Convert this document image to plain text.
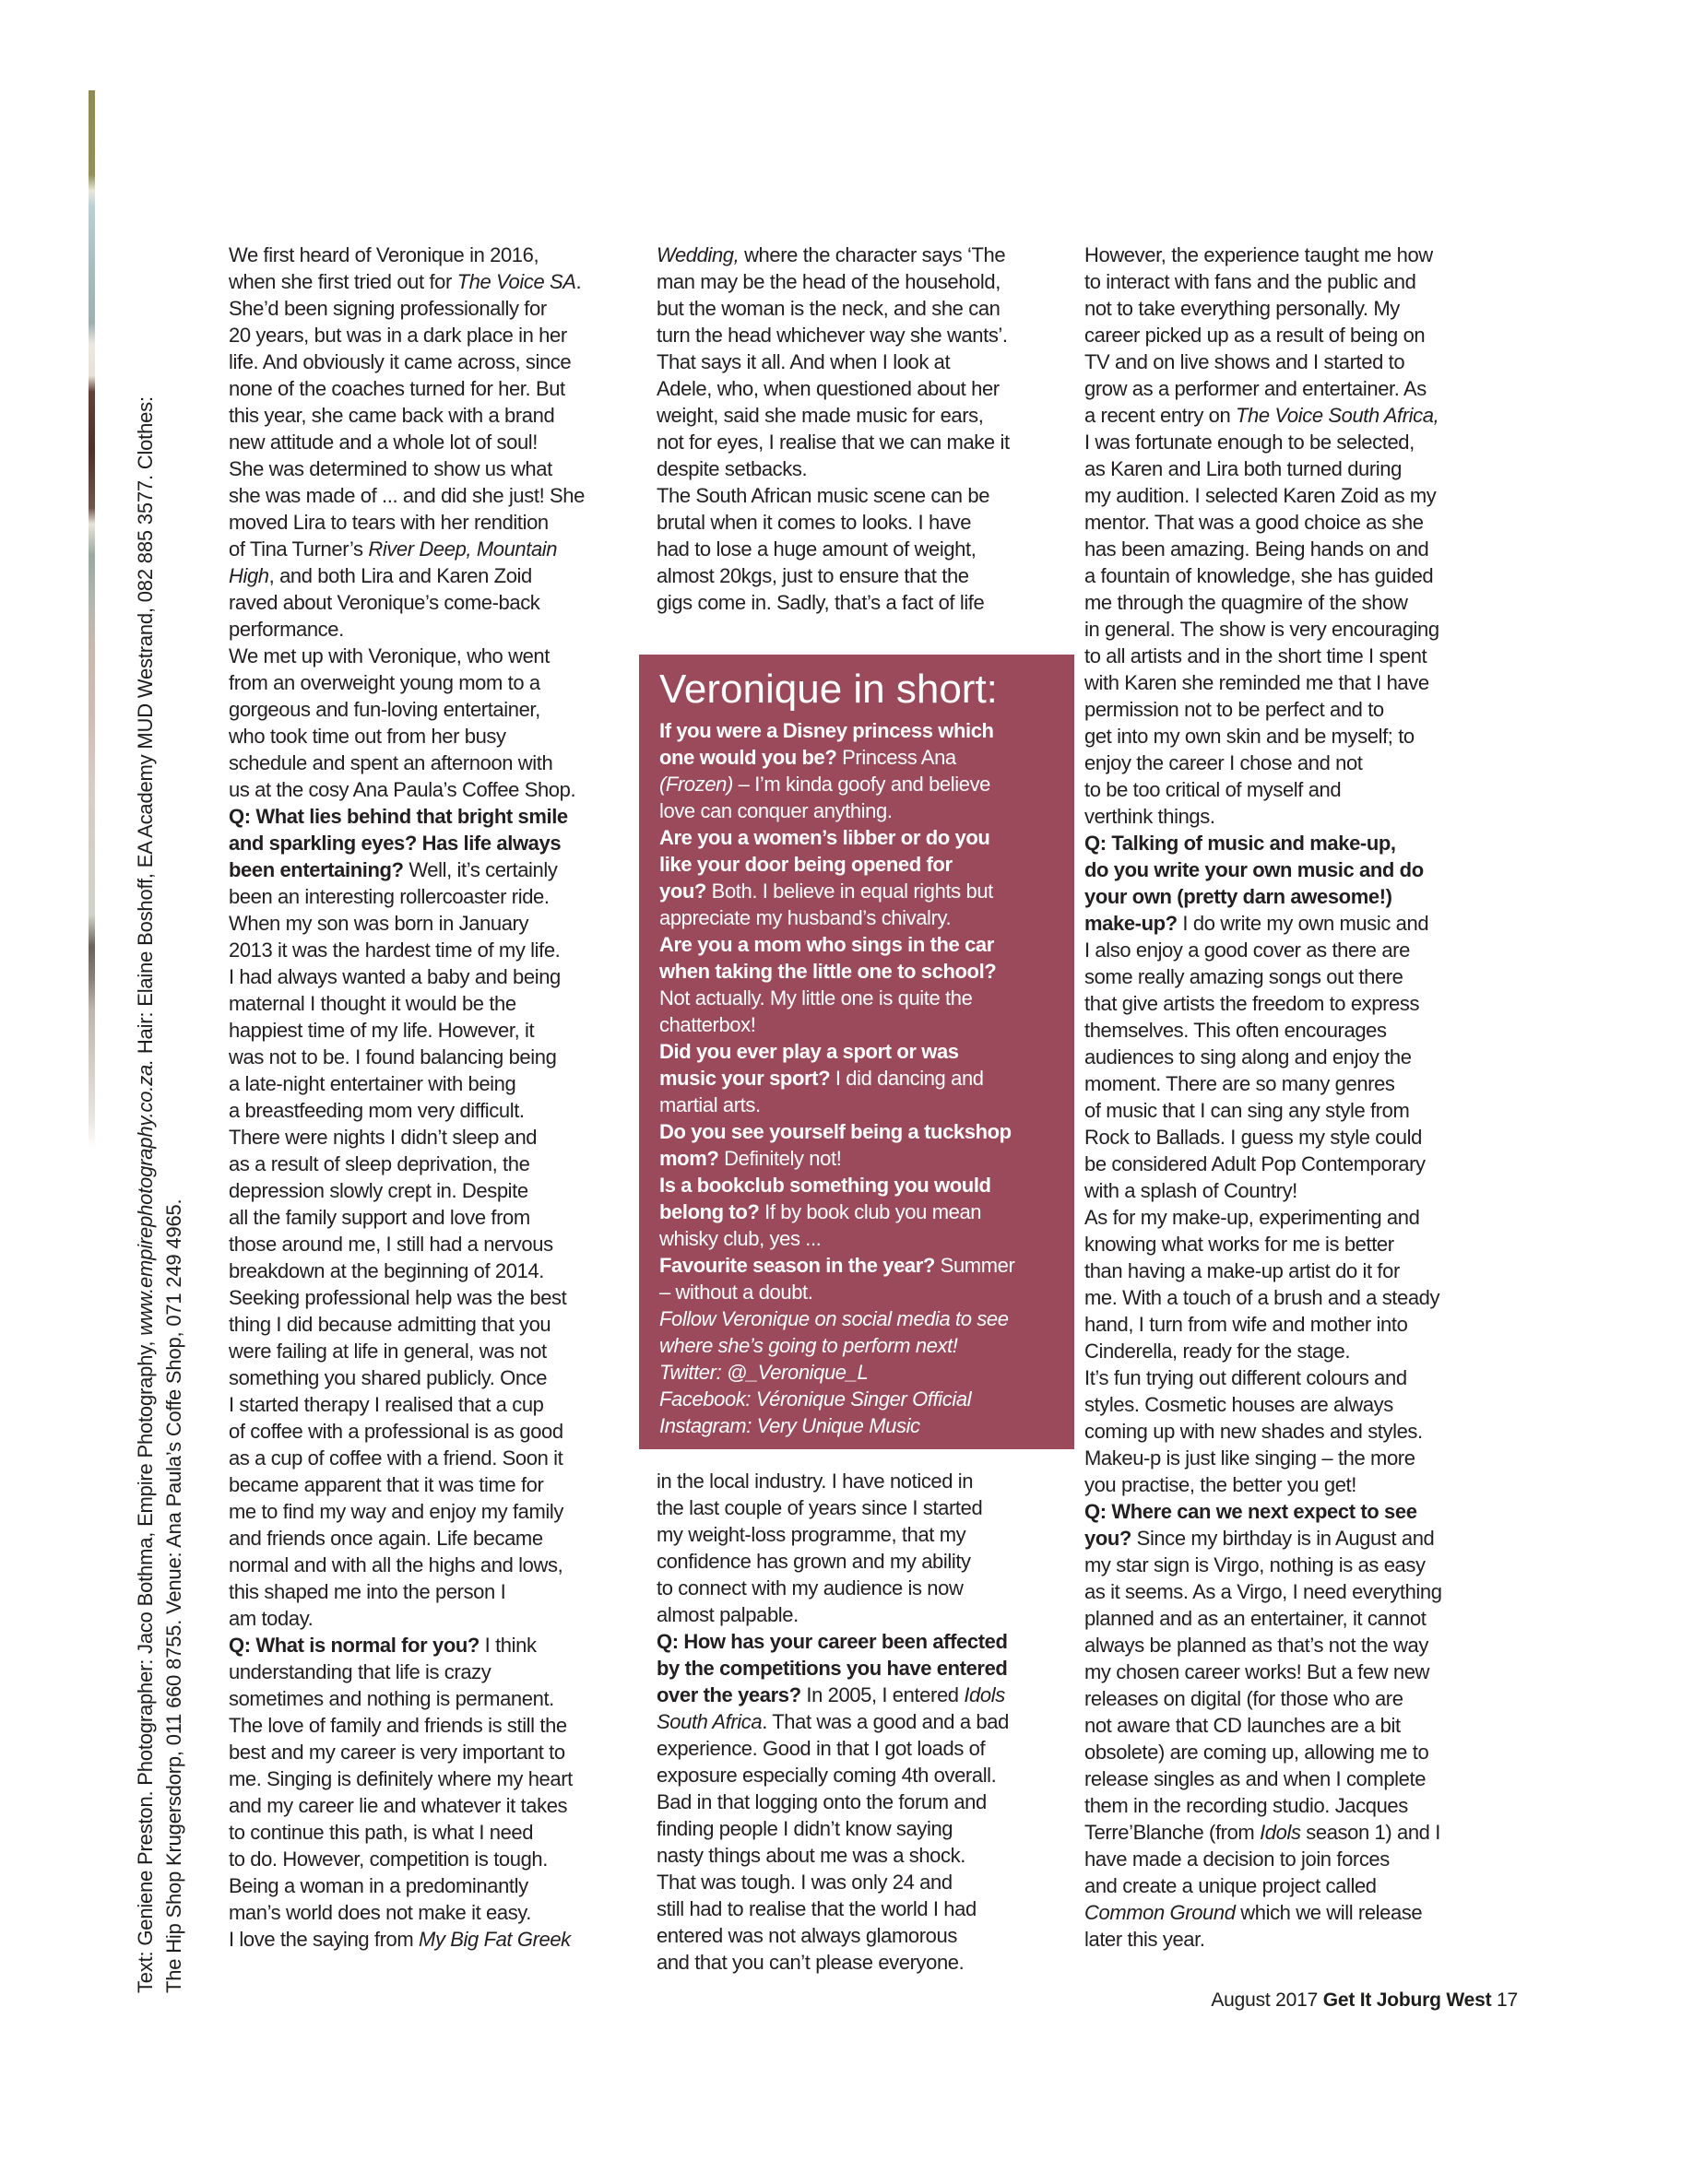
Text: Geniene Preston. Photographer: Jaco Bothma, Empire Photography, www.empirephotography.co.za. Hair: Elaine Boshoff, EA Academy MUD Westrand, 082 885 3577. Clothes:
The Hip Shop Krugersdorp, 011 660 8755. Venue: Ana Paula’s Coffe Shop, 071 249 4965.
We first heard of Veronique in 2016,
when she first tried out for The Voice SA.
She’d been signing professionally for
20 years, but was in a dark place in her
life. And obviously it came across, since
none of the coaches turned for her. But
this year, she came back with a brand
new attitude and a whole lot of soul!
She was determined to show us what
she was made of ... and did she just! She
moved Lira to tears with her rendition
of Tina Turner’s River Deep, Mountain
High, and both Lira and Karen Zoid
raved about Veronique’s come-back
performance.
We met up with Veronique, who went
from an overweight young mom to a
gorgeous and fun-loving entertainer,
who took time out from her busy
schedule and spent an afternoon with
us at the cosy Ana Paula’s Coffee Shop.
Q: What lies behind that bright smile
and sparkling eyes? Has life always
been entertaining? Well, it’s certainly
been an interesting rollercoaster ride.
When my son was born in January
2013 it was the hardest time of my life.
I had always wanted a baby and being
maternal I thought it would be the
happiest time of my life. However, it
was not to be. I found balancing being
a late-night entertainer with being
a breastfeeding mom very difficult.
There were nights I didn’t sleep and
as a result of sleep deprivation, the
depression slowly crept in. Despite
all the family support and love from
those around me, I still had a nervous
breakdown at the beginning of 2014.
Seeking professional help was the best
thing I did because admitting that you
were failing at life in general, was not
something you shared publicly. Once
I started therapy I realised that a cup
of coffee with a professional is as good
as a cup of coffee with a friend. Soon it
became apparent that it was time for
me to find my way and enjoy my family
and friends once again. Life became
normal and with all the highs and lows,
this shaped me into the person I
am today.
Q: What is normal for you? I think
understanding that life is crazy
sometimes and nothing is permanent.
The love of family and friends is still the
best and my career is very important to
me. Singing is definitely where my heart
and my career lie and whatever it takes
to continue this path, is what I need
to do. However, competition is tough.
Being a woman in a predominantly
man’s world does not make it easy.
I love the saying from My Big Fat Greek
Wedding, where the character says ‘The
man may be the head of the household,
but the woman is the neck, and she can
turn the head whichever way she wants’.
That says it all. And when I look at
Adele, who, when questioned about her
weight, said she made music for ears,
not for eyes, I realise that we can make it
despite setbacks.
The South African music scene can be
brutal when it comes to looks. I have
had to lose a huge amount of weight,
almost 20kgs, just to ensure that the
gigs come in. Sadly, that’s a fact of life
Veronique in short:
If you were a Disney princess which
one would you be? Princess Ana
(Frozen) – I’m kinda goofy and believe
love can conquer anything.
Are you a women’s libber or do you
like your door being opened for
you? Both. I believe in equal rights but
appreciate my husband’s chivalry.
Are you a mom who sings in the car
when taking the little one to school?
Not actually. My little one is quite the
chatterbox!
Did you ever play a sport or was
music your sport? I did dancing and
martial arts.
Do you see yourself being a tuckshop
mom? Definitely not!
Is a bookclub something you would
belong to? If by book club you mean
whisky club, yes ...
Favourite season in the year? Summer
– without a doubt.
Follow Veronique on social media to see
where she’s going to perform next!
Twitter: @_Veronique_L
Facebook: Véronique Singer Official
Instagram: Very Unique Music
in the local industry. I have noticed in
the last couple of years since I started
my weight-loss programme, that my
confidence has grown and my ability
to connect with my audience is now
almost palpable.
Q: How has your career been affected
by the competitions you have entered
over the years? In 2005, I entered Idols
South Africa. That was a good and a bad
experience. Good in that I got loads of
exposure especially coming 4th overall.
Bad in that logging onto the forum and
finding people I didn’t know saying
nasty things about me was a shock.
That was tough. I was only 24 and
still had to realise that the world I had
entered was not always glamorous
and that you can’t please everyone.
However, the experience taught me how
to interact with fans and the public and
not to take everything personally. My
career picked up as a result of being on
TV and on live shows and I started to
grow as a performer and entertainer. As
a recent entry on The Voice South Africa,
I was fortunate enough to be selected,
as Karen and Lira both turned during
my audition. I selected Karen Zoid as my
mentor. That was a good choice as she
has been amazing. Being hands on and
a fountain of knowledge, she has guided
me through the quagmire of the show
in general. The show is very encouraging
to all artists and in the short time I spent
with Karen she reminded me that I have
permission not to be perfect and to
get into my own skin and be myself; to
enjoy the career I chose and not
to be too critical of myself and
verthink things.
Q: Talking of music and make-up,
do you write your own music and do
your own (pretty darn awesome!)
make-up? I do write my own music and
I also enjoy a good cover as there are
some really amazing songs out there
that give artists the freedom to express
themselves. This often encourages
audiences to sing along and enjoy the
moment. There are so many genres
of music that I can sing any style from
Rock to Ballads. I guess my style could
be considered Adult Pop Contemporary
with a splash of Country!
As for my make-up, experimenting and
knowing what works for me is better
than having a make-up artist do it for
me. With a touch of a brush and a steady
hand, I turn from wife and mother into
Cinderella, ready for the stage.
It’s fun trying out different colours and
styles. Cosmetic houses are always
coming up with new shades and styles.
Makeu-p is just like singing – the more
you practise, the better you get!
Q: Where can we next expect to see
you? Since my birthday is in August and
my star sign is Virgo, nothing is as easy
as it seems. As a Virgo, I need everything
planned and as an entertainer, it cannot
always be planned as that’s not the way
my chosen career works! But a few new
releases on digital (for those who are
not aware that CD launches are a bit
obsolete) are coming up, allowing me to
release singles as and when I complete
them in the recording studio. Jacques
Terre’Blanche (from Idols season 1) and I
have made a decision to join forces
and create a unique project called
Common Ground which we will release
later this year.
August 2017 Get It Joburg West 17
